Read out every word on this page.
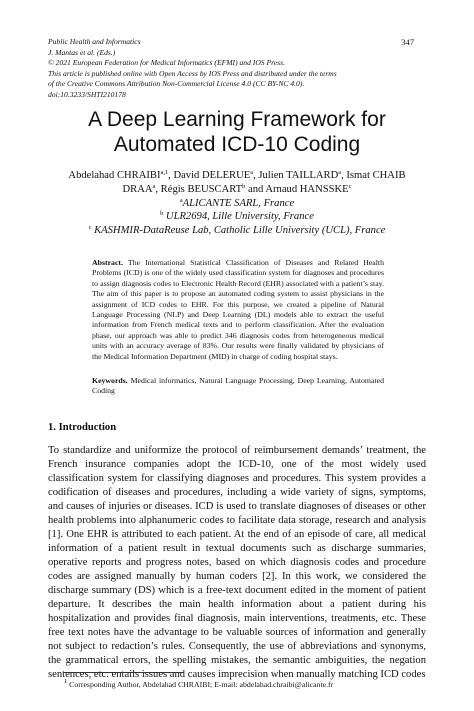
Public Health and Informatics
J. Mantas et al. (Eds.)
© 2021 European Federation for Medical Informatics (EFMI) and IOS Press.
This article is published online with Open Access by IOS Press and distributed under the terms
of the Creative Commons Attribution Non-Commercial License 4.0 (CC BY-NC 4.0).
doi:10.3233/SHTI210178
347
A Deep Learning Framework for
Automated ICD-10 Coding
Abdelahad CHRAIBI$^{a,1}$, David DELERUE$^a$, Julien TAILLARD$^a$, Ismat CHAIB
DRAA$^a$, Régis BEUSCART$^b$ and Arnaud HANSSKE$^c$
$^a$ALICANTE SARL, France
$^b$ ULR2694, Lille University, France
$^c$ KASHMIR-DataReuse Lab, Catholic Lille University (UCL), France
Abstract. The International Statistical Classification of Diseases and Related Health Problems (ICD) is one of the widely used classification system for diagnoses and procedures to assign diagnosis codes to Electronic Health Record (EHR) associated with a patient’s stay. The aim of this paper is to propose an automated coding system to assist physicians in the assignment of ICD codes to EHR. For this purpose, we created a pipeline of Natural Language Processing (NLP) and Deep Learning (DL) models able to extract the useful information from French medical texts and to perform classification. After the evaluation phase, our approach was able to predict 346 diagnosis codes from heterogeneous medical units with an accuracy average of 83%. Our results were finally validated by physicians of the Medical Information Department (MID) in charge of coding hospital stays.
Keywords. Medical informatics, Natural Language Processing, Deep Learning, Automated Coding
1. Introduction
To standardize and uniformize the protocol of reimbursement demands’ treatment, the French insurance companies adopt the ICD-10, one of the most widely used classification system for classifying diagnoses and procedures. This system provides a codification of diseases and procedures, including a wide variety of signs, symptoms, and causes of injuries or diseases. ICD is used to translate diagnoses of diseases or other health problems into alphanumeric codes to facilitate data storage, research and analysis [1]. One EHR is attributed to each patient. At the end of an episode of care, all medical information of a patient result in textual documents such as discharge summaries, operative reports and progress notes, based on which diagnosis codes and procedure codes are assigned manually by human coders [2]. In this work, we considered the discharge summary (DS) which is a free-text document edited in the moment of patient departure. It describes the main health information about a patient during his hospitalization and provides final diagnosis, main interventions, treatments, etc. These free text notes have the advantage to be valuable sources of information and generally not subject to redaction’s rules. Consequently, the use of abbreviations and synonyms, the grammatical errors, the spelling mistakes, the semantic ambiguities, the negation sentences, etc. entails issues and causes imprecision when manually matching ICD codes
$^1$ Corresponding Author, Abdelahad CHRAIBI; E-mail: abdelahad.chraibi@alicante.fr
